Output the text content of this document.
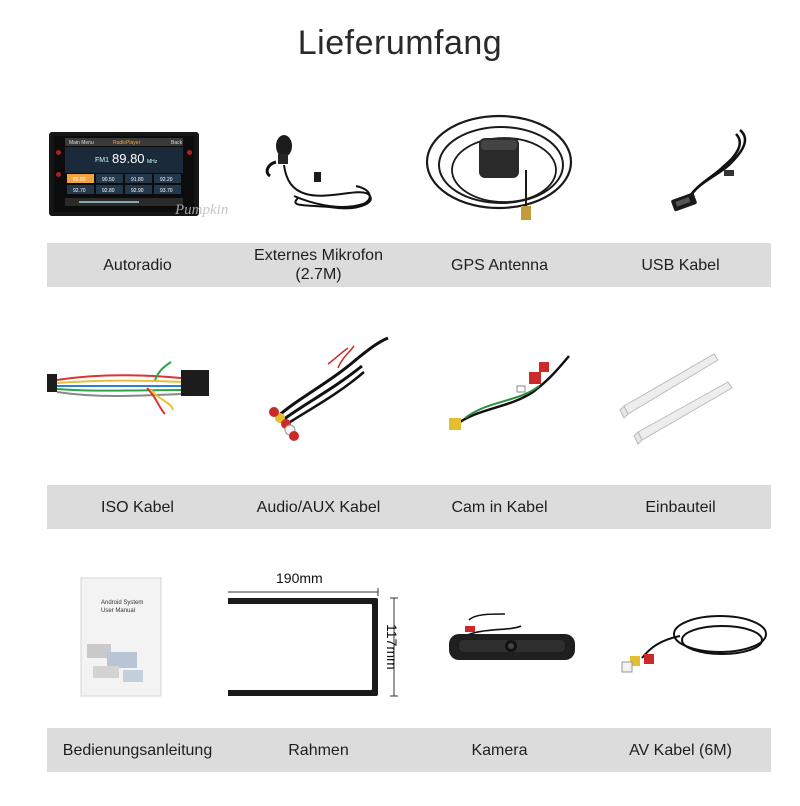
Lieferumfang
Main Menu	RadioPlayer	Back
FM1 89.80 MHz
89.80	90.50	91.80	92.20
92.70	92.80	92.90	93.70
Pumpkin
Autoradio
Externes Mikrofon
(2.7M)
GPS Antenna	USB Kabel
ISO Kabel	Audio/AUX Kabel	Cam in Kabel	Einbauteil
Android System
User Manual
190mm
117mm
Bedienungsanleitung	Rahmen	Kamera	AV Kabel (6M)
